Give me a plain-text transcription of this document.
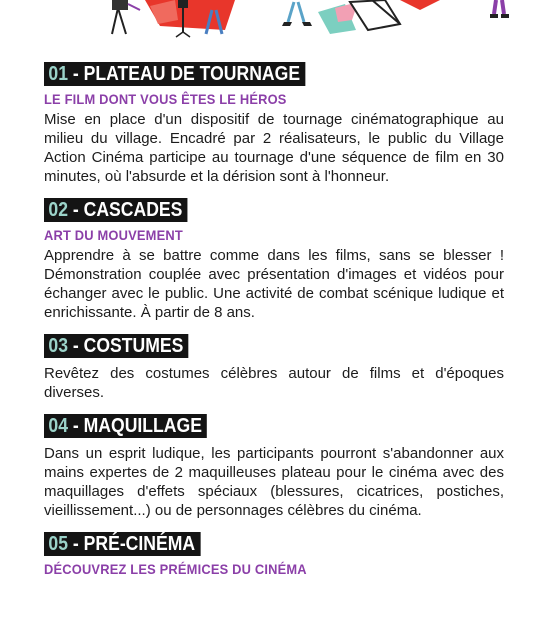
01 - PLATEAU DE TOURNAGE
LE FILM DONT VOUS ÊTES LE HÉROS
Mise en place d'un dispositif de tournage cinématographique au milieu du village. Encadré par 2 réalisateurs, le public du Village Action Cinéma participe au tournage d'une séquence de film en 30 minutes, où l'absurde et la dérision sont à l'honneur.
02 - CASCADES
ART DU MOUVEMENT
Apprendre à se battre comme dans les films, sans se blesser ! Démonstration couplée avec présentation d'images et vidéos pour échanger avec le public. Une activité de combat scénique ludique et enrichissante. À partir de 8 ans.
03 - COSTUMES
Revêtez des costumes célèbres autour de films et d'époques diverses.
04 - MAQUILLAGE
Dans un esprit ludique, les participants pourront s'abandonner aux mains expertes de 2 maquilleuses plateau pour le cinéma avec des maquillages d'effets spéciaux (blessures, cicatrices, postiches, vieillissement...) ou de personnages célèbres du cinéma.
05 - PRÉ-CINÉMA
DÉCOUVREZ LES PRÉMICES DU CINÉMA
